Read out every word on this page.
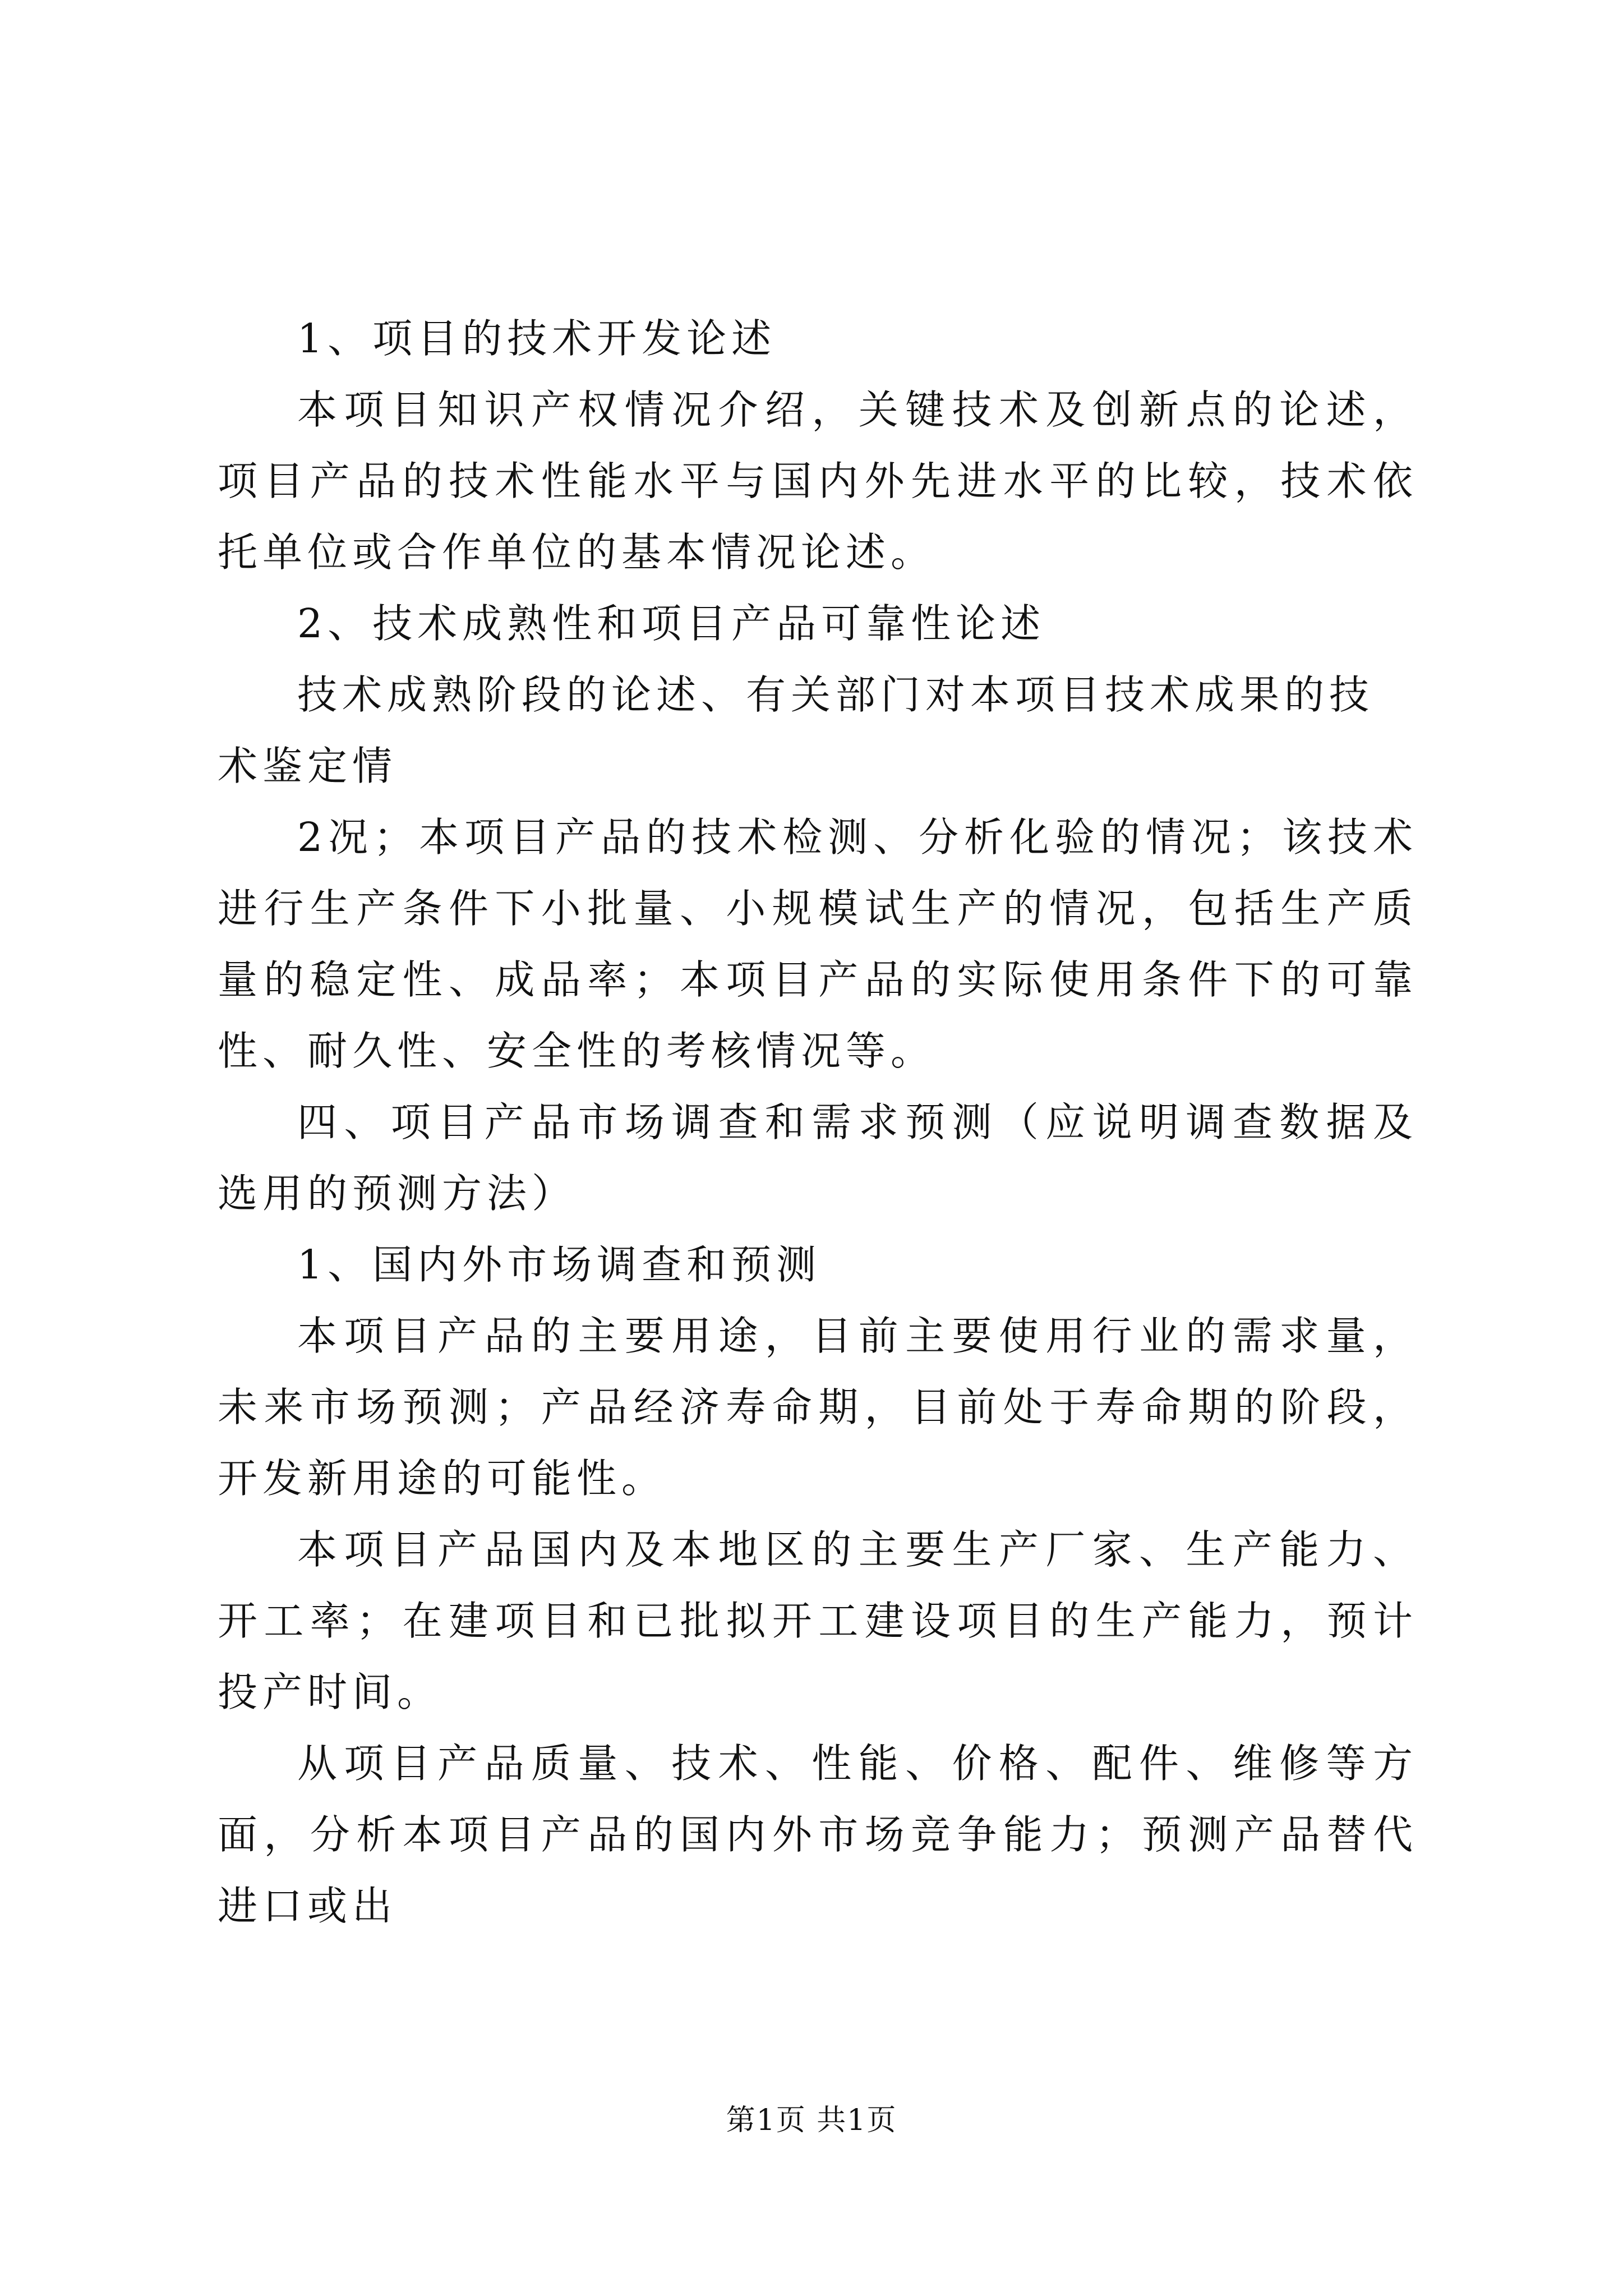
1、项目的技术开发论述

本项目知识产权情况介绍，关键技术及创新点的论述，项目产品的技术性能水平与国内外先进水平的比较，技术依托单位或合作单位的基本情况论述。

2、技术成熟性和项目产品可靠性论述

技术成熟阶段的论述、有关部门对本项目技术成果的技术鉴定情

2况；本项目产品的技术检测、分析化验的情况；该技术进行生产条件下小批量、小规模试生产的情况，包括生产质量的稳定性、成品率；本项目产品的实际使用条件下的可靠性、耐久性、安全性的考核情况等。

四、项目产品市场调查和需求预测（应说明调查数据及选用的预测方法）

1、国内外市场调查和预测

本项目产品的主要用途，目前主要使用行业的需求量，未来市场预测；产品经济寿命期，目前处于寿命期的阶段，开发新用途的可能性。

本项目产品国内及本地区的主要生产厂家、生产能力、开工率；在建项目和已批拟开工建设项目的生产能力，预计投产时间。

从项目产品质量、技术、性能、价格、配件、维修等方面，分析本项目产品的国内外市场竞争能力；预测产品替代进口或出

第1页 共1页
